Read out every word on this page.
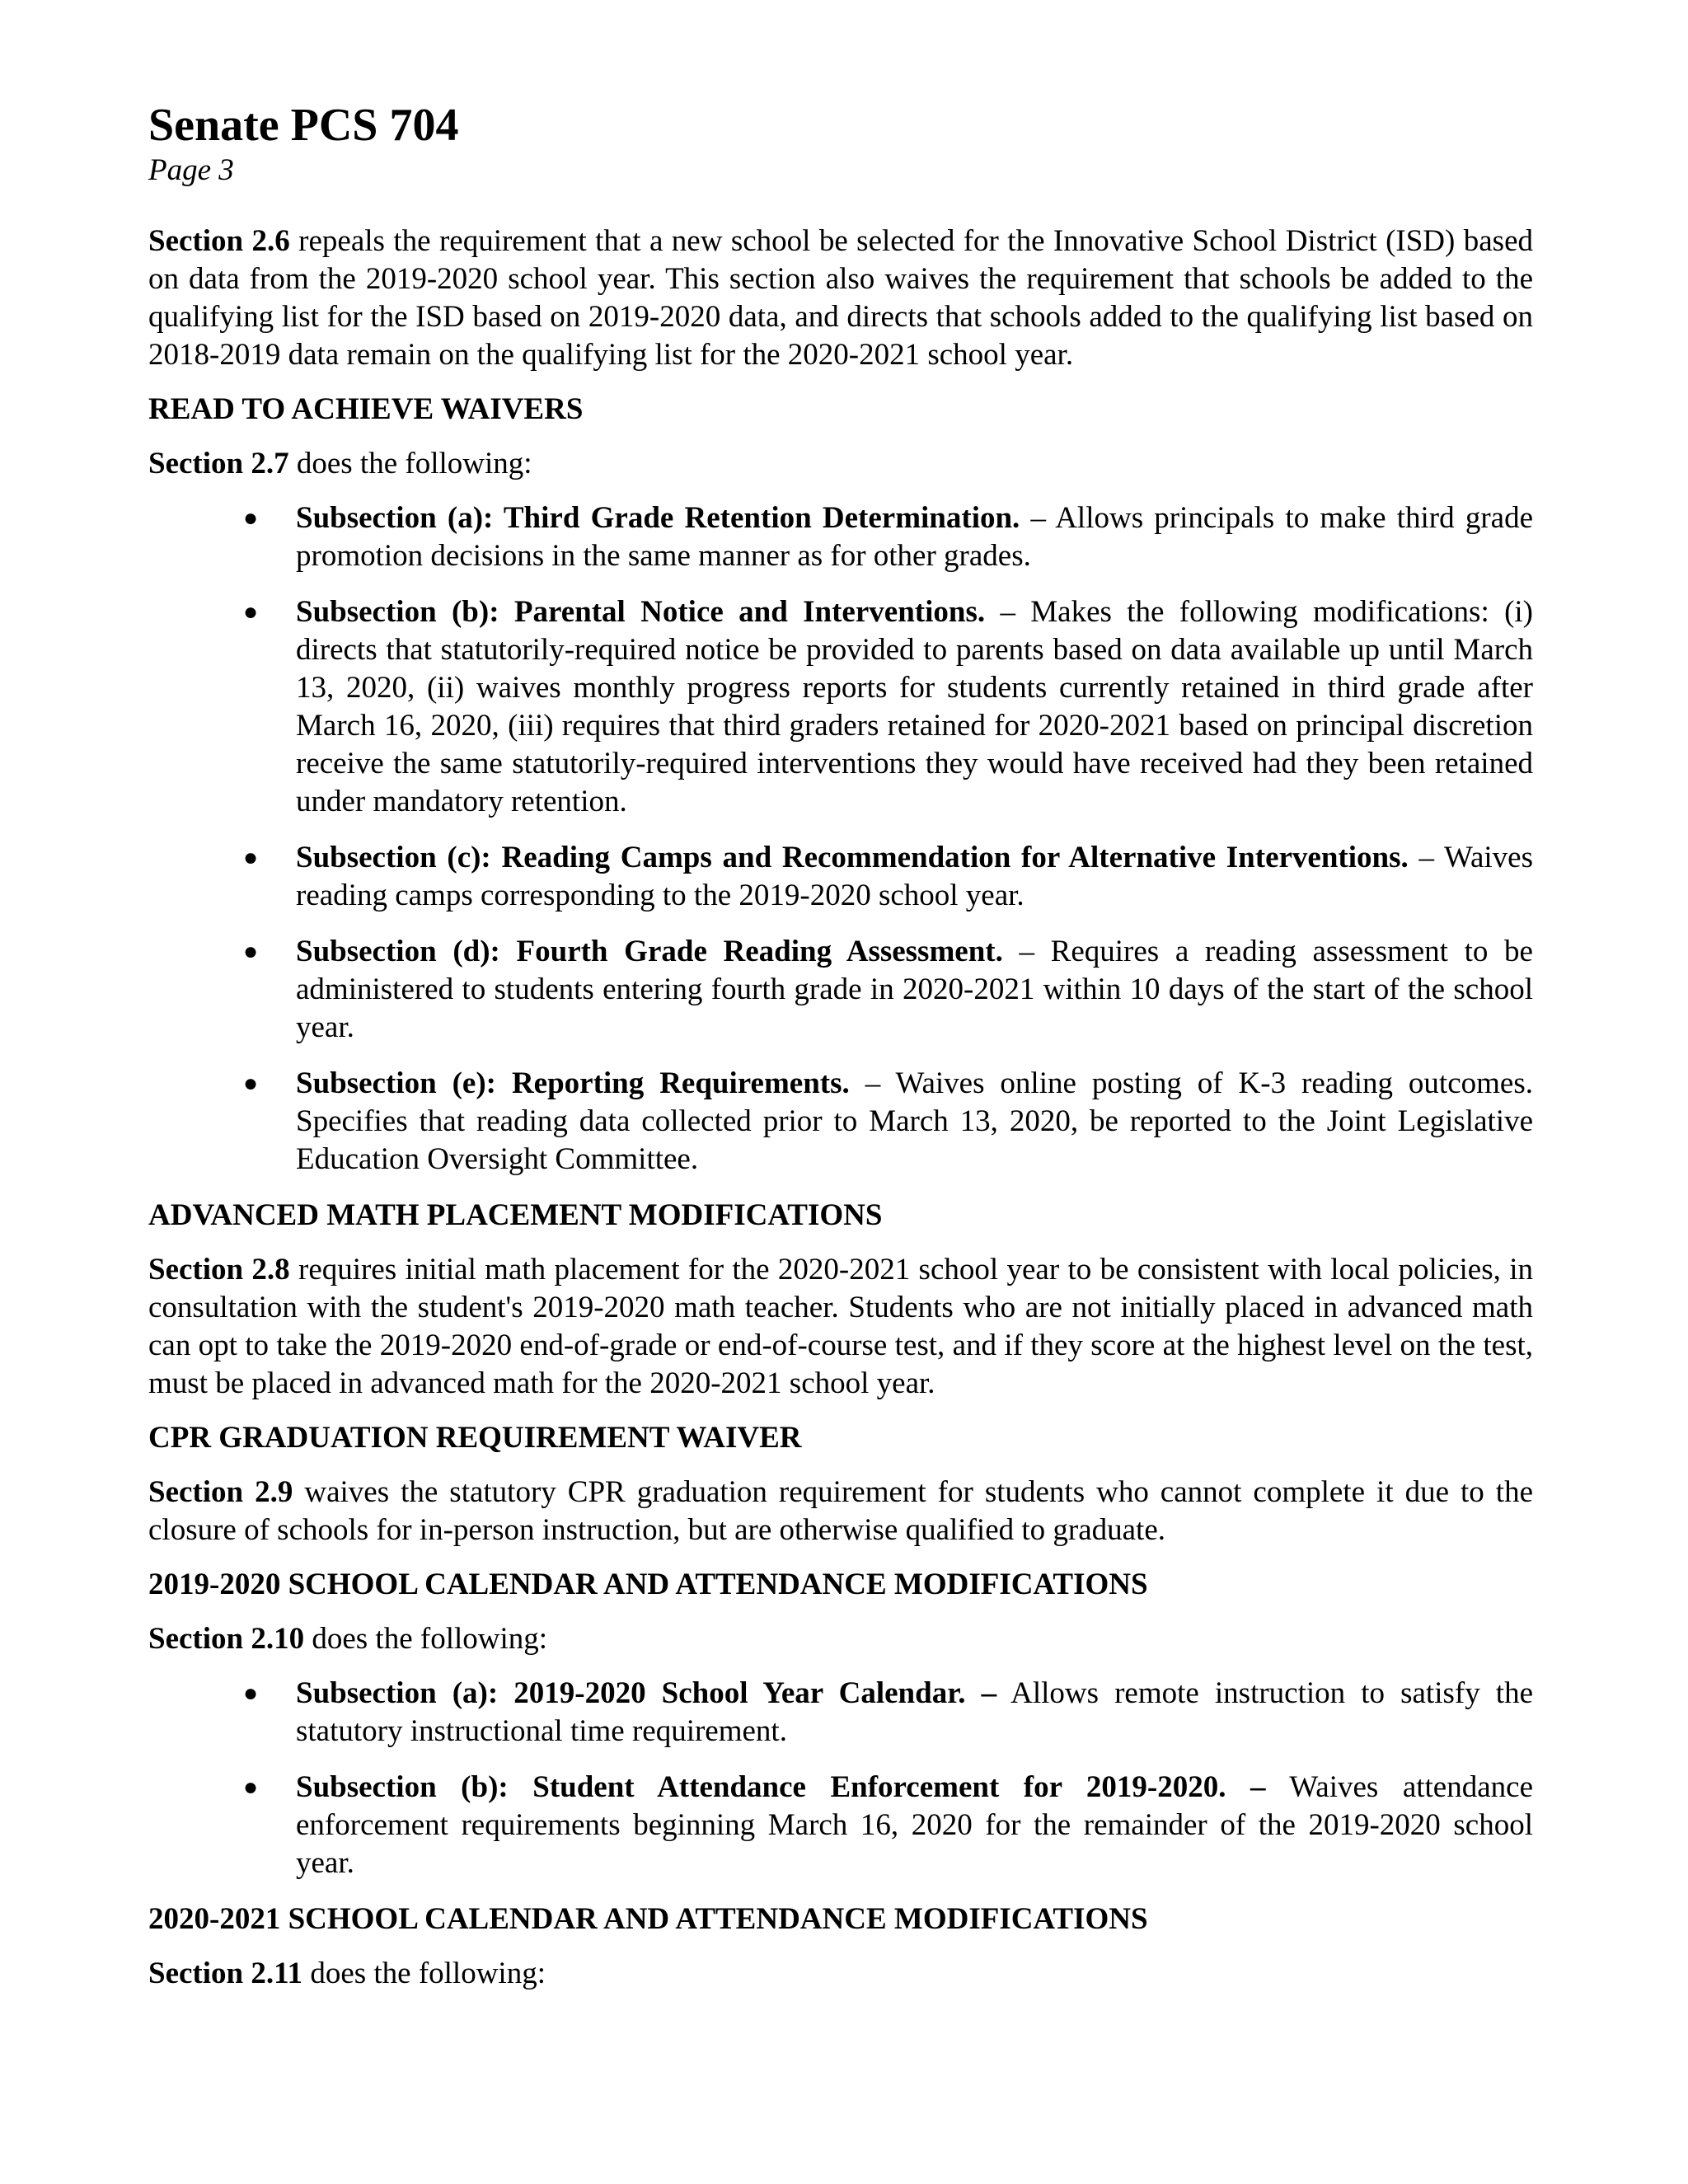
Senate PCS 704
Page 3

Section 2.6 repeals the requirement that a new school be selected for the Innovative School District (ISD) based on data from the 2019-2020 school year. This section also waives the requirement that schools be added to the qualifying list for the ISD based on 2019-2020 data, and directs that schools added to the qualifying list based on 2018-2019 data remain on the qualifying list for the 2020-2021 school year.

READ TO ACHIEVE WAIVERS

Section 2.7 does the following:

● Subsection (a): Third Grade Retention Determination. – Allows principals to make third grade promotion decisions in the same manner as for other grades.
● Subsection (b): Parental Notice and Interventions. – Makes the following modifications: (i) directs that statutorily-required notice be provided to parents based on data available up until March 13, 2020, (ii) waives monthly progress reports for students currently retained in third grade after March 16, 2020, (iii) requires that third graders retained for 2020-2021 based on principal discretion receive the same statutorily-required interventions they would have received had they been retained under mandatory retention.
● Subsection (c): Reading Camps and Recommendation for Alternative Interventions. – Waives reading camps corresponding to the 2019-2020 school year.
● Subsection (d): Fourth Grade Reading Assessment. – Requires a reading assessment to be administered to students entering fourth grade in 2020-2021 within 10 days of the start of the school year.
● Subsection (e): Reporting Requirements. – Waives online posting of K-3 reading outcomes. Specifies that reading data collected prior to March 13, 2020, be reported to the Joint Legislative Education Oversight Committee.
ADVANCED MATH PLACEMENT MODIFICATIONS

Section 2.8 requires initial math placement for the 2020-2021 school year to be consistent with local policies, in consultation with the student's 2019-2020 math teacher. Students who are not initially placed in advanced math can opt to take the 2019-2020 end-of-grade or end-of-course test, and if they score at the highest level on the test, must be placed in advanced math for the 2020-2021 school year.

CPR GRADUATION REQUIREMENT WAIVER

Section 2.9 waives the statutory CPR graduation requirement for students who cannot complete it due to the closure of schools for in-person instruction, but are otherwise qualified to graduate.

2019-2020 SCHOOL CALENDAR AND ATTENDANCE MODIFICATIONS

Section 2.10 does the following:

● Subsection (a): 2019-2020 School Year Calendar. – Allows remote instruction to satisfy the statutory instructional time requirement.
● Subsection (b): Student Attendance Enforcement for 2019-2020. – Waives attendance enforcement requirements beginning March 16, 2020 for the remainder of the 2019-2020 school year.
2020-2021 SCHOOL CALENDAR AND ATTENDANCE MODIFICATIONS

Section 2.11 does the following:
